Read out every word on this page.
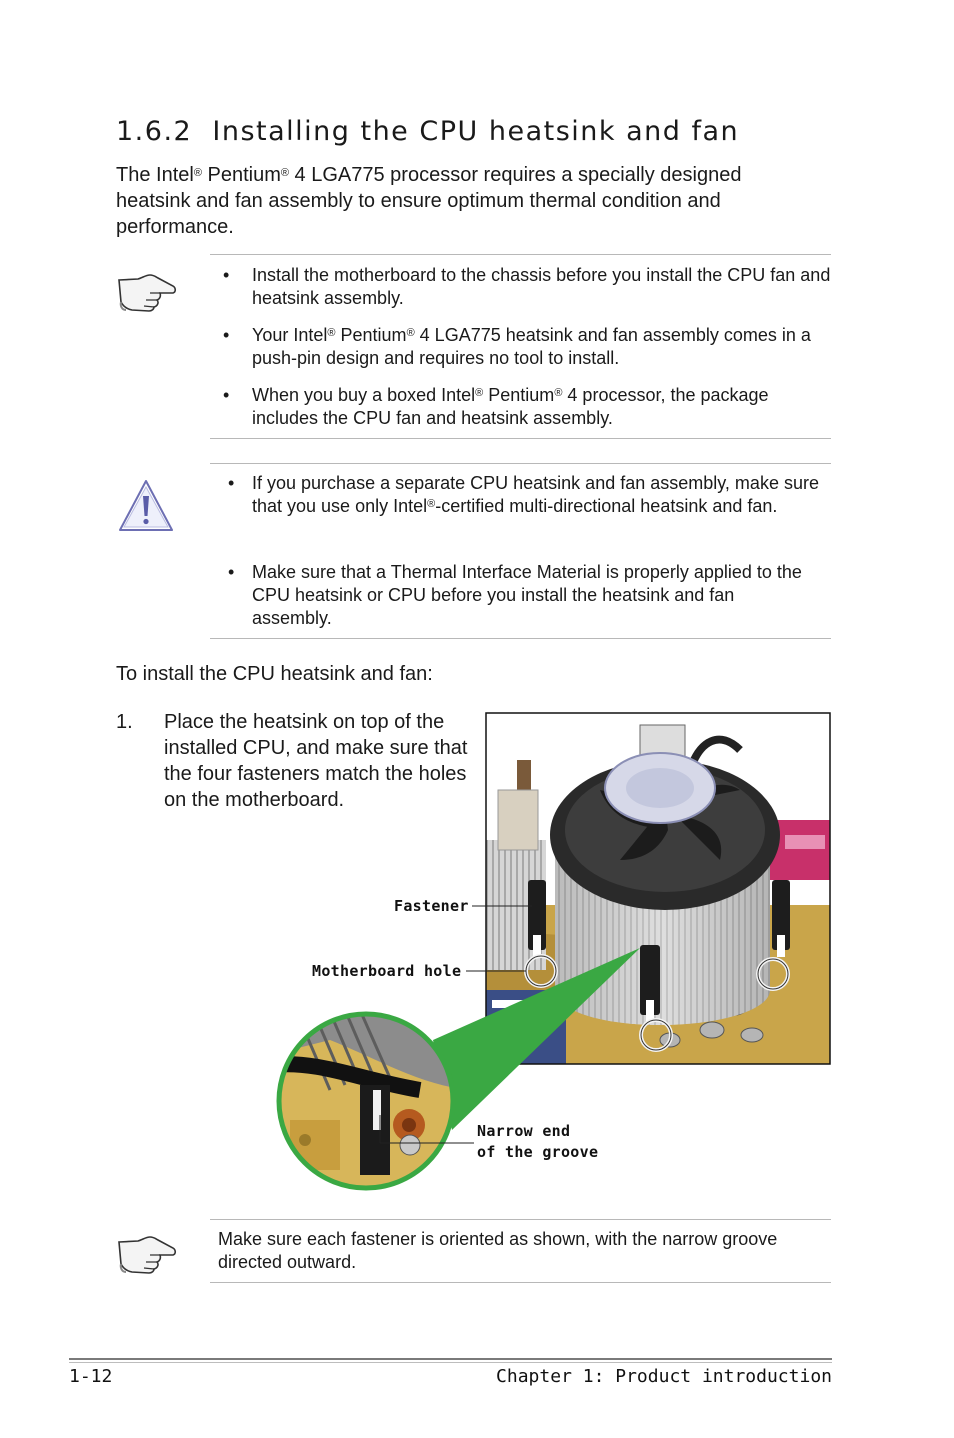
1.6.2 Installing the CPU heatsink and fan
The Intel® Pentium® 4 LGA775 processor requires a specially designed heatsink and fan assembly to ensure optimum thermal condition and performance.
• Install the motherboard to the chassis before you install the CPU fan and heatsink assembly.
• Your Intel® Pentium® 4 LGA775 heatsink and fan assembly comes in a push-pin design and requires no tool to install.
• When you buy a boxed Intel® Pentium® 4 processor, the package includes the CPU fan and heatsink assembly.
• If you purchase a separate CPU heatsink and fan assembly, make sure that you use only Intel®-certified multi-directional heatsink and fan.
• Make sure that a Thermal Interface Material is properly applied to the CPU heatsink or CPU before you install the heatsink and fan assembly.
To install the CPU heatsink and fan:
1. Place the heatsink on top of the installed CPU, and make sure that the four fasteners match the holes on the motherboard.
Fastener
Motherboard hole
Narrow end
of the groove
Make sure each fastener is oriented as shown, with the narrow groove directed outward.
1-12	Chapter 1: Product introduction
